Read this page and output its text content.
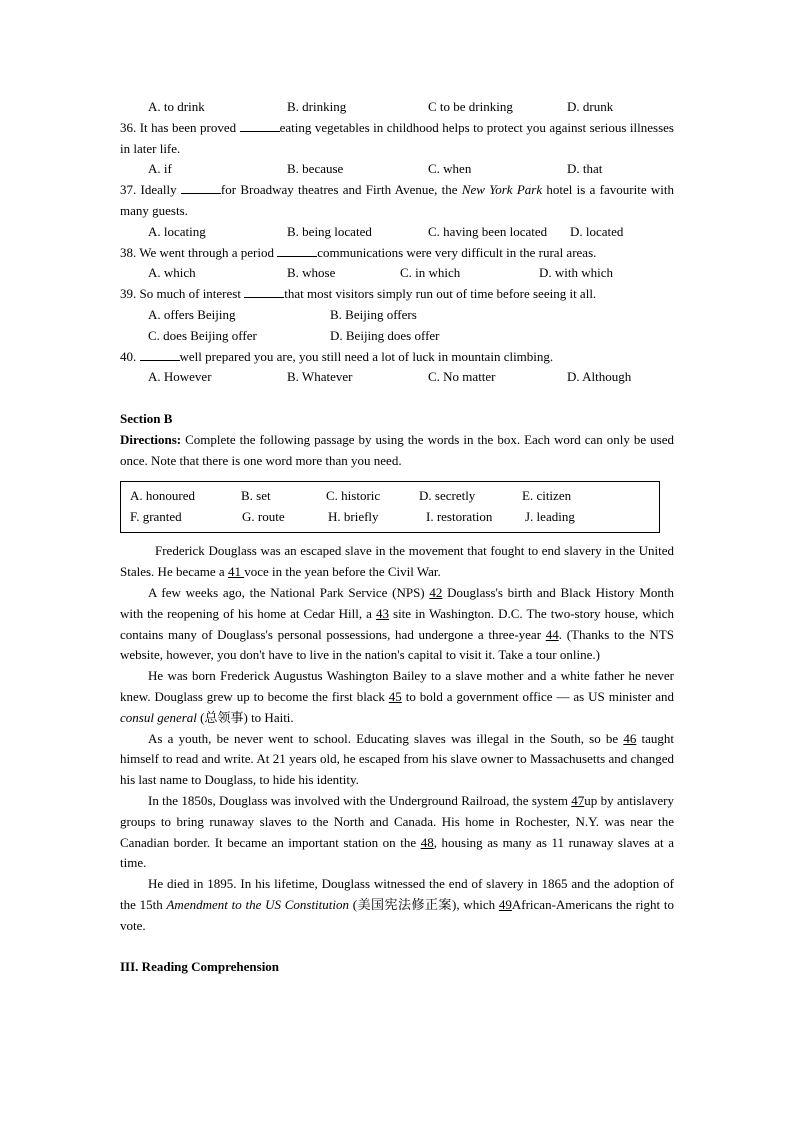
A. to drink	B. drinking	C to be drinking	D. drunk

36. It has been proved	eating vegetables in childhood helps to protect you against serious illnesses in later life.

A. if	B. because	C. when	D. that

37. Ideally	for Broadway theatres and Firth Avenue, the New York Park hotel is a favourite with many guests.

A. locating	B. being located	C. having been located D. located
38. We went through a period	communications were very difficult in the rural areas.
A. which	B. whose	C. in which	D. with which
39. So much of interest	that most visitors simply run out of time before seeing it all.
A. offers Beijing	B. Beijing offers
C. does Beijing offer	D. Beijing does offer
40.	well prepared you are, you still need a lot of luck in mountain climbing.
A. However	B. Whatever	C. No matter	D. Although
Section B

Directions: Complete the following passage by using the words in the box. Each word can only be used once. Note that there is one word more than you need.

A. honoured	B. set	C. historic	D. secretly	E. citizen
F. granted	G. route	H. briefly	I. restoration	J. leading

Frederick Douglass was an escaped slave in the movement that fought to end slavery in the United Stales. He became a 41 voce in the yean before the Civil War.

A few weeks ago, the National Park Service (NPS) 42 Douglass's birth and Black History Month with the reopening of his home at Cedar Hill, a 43 site in Washington. D.C. The two-story house, which contains many of Douglass's personal possessions, had undergone a three-year 44. (Thanks to the NTS website, however, you don't have to live in the nation's capital to visit it. Take a tour online.)

He was born Frederick Augustus Washington Bailey to a slave mother and a white father he never knew. Douglass grew up to become the first black 45 to bold a government office — as US minister and consul general (总领事) to Haiti.

As a youth, be never went to school. Educating slaves was illegal in the South, so be 46 taught himself to read and write. At 21 years old, he escaped from his slave owner to Massachusetts and changed his last name to Douglass, to hide his identity.

In the 1850s, Douglass was involved with the Underground Railroad, the system 47up by antislavery groups to bring runaway slaves to the North and Canada. His home in Rochester, N.Y. was near the Canadian border. It became an important station on the 48, housing as many as 11 runaway slaves at a time.

He died in 1895. In his lifetime, Douglass witnessed the end of slavery in 1865 and the adoption of the 15th Amendment to the US Constitution (美国宪法修正案), which 49African-Americans the right to vote.

III. Reading Comprehension
